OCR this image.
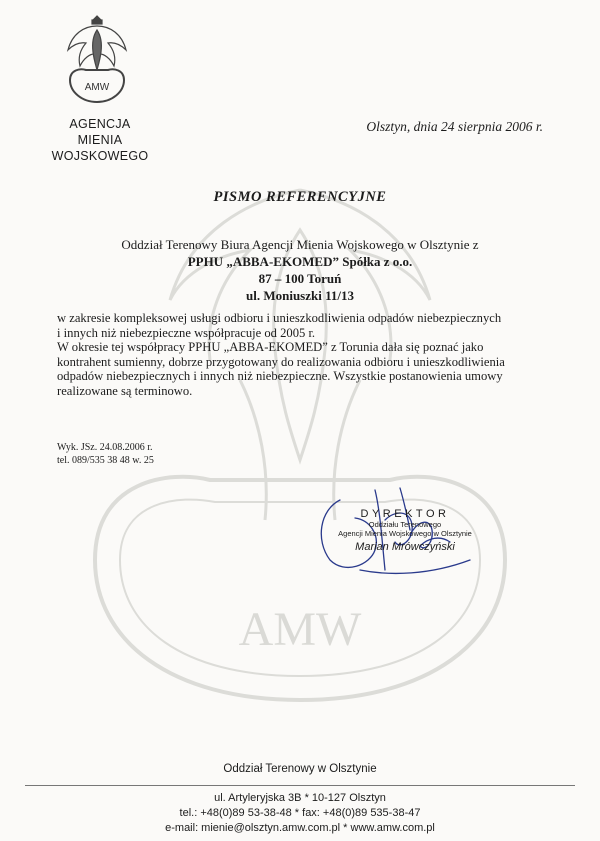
AMW
AMW
AGENCJA
MIENIA WOJSKOWEGO
Olsztyn, dnia 24 sierpnia 2006 r.
PISMO REFERENCYJNE
Oddział Terenowy Biura Agencji Mienia Wojskowego w Olsztynie z
PPHU „ABBA-EKOMED” Spółka z o.o.
87 – 100 Toruń
ul. Moniuszki 11/13

w zakresie kompleksowej usługi odbioru i unieszkodliwienia odpadów niebezpiecznych

i innych niż niebezpieczne współpracuje od 2005 r.

W okresie tej współpracy PPHU „ABBA-EKOMED” z Torunia dała się poznać jako

kontrahent sumienny, dobrze przygotowany do realizowania odbioru i unieszkodliwienia

odpadów niebezpiecznych i innych niż niebezpieczne. Wszystkie postanowienia umowy

realizowane są terminowo.

Wyk. JSz. 24.08.2006 r.
tel. 089/535 38 48 w. 25
DYREKTOR
Oddziału Terenowego
Agencji Mienia Wojskowego w Olsztynie
Marian Mrówczyński
Oddział Terenowy w Olsztynie
ul. Artyleryjska 3B * 10-127 Olsztyn
tel.: +48(0)89 53-38-48 * fax: +48(0)89 535-38-47
e-mail: mienie@olsztyn.amw.com.pl * www.amw.com.pl
